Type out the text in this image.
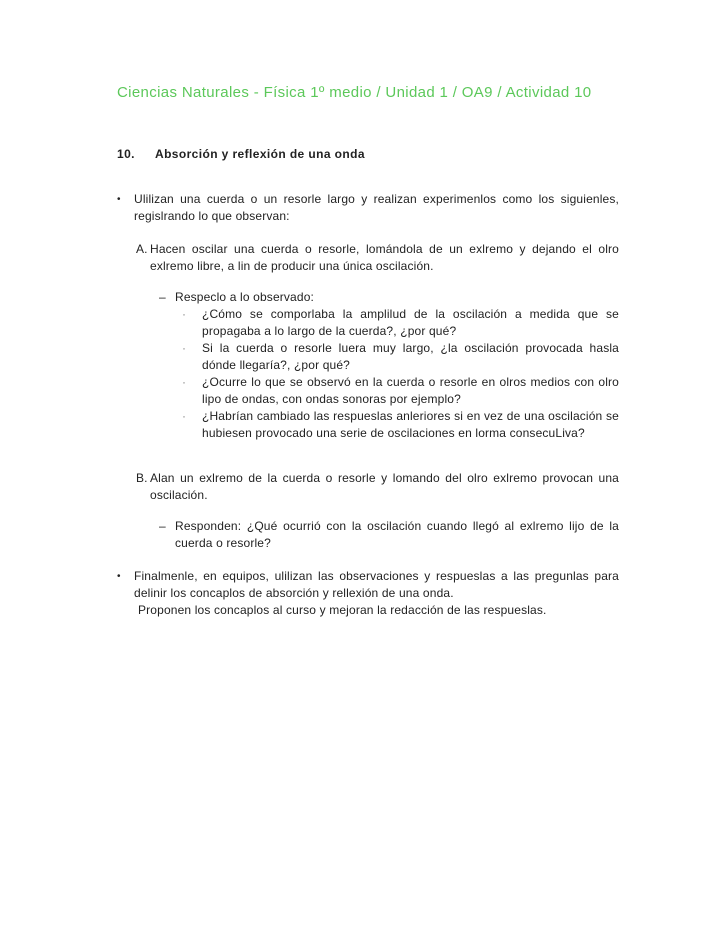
Ciencias Naturales - Física 1º medio / Unidad 1 / OA9 / Actividad 10
10. Absorción y reflexión de una onda
• Ulilizan una cuerda o un resorle largo y realizan experimenlos como los siguienles, regislrando lo que observan:
A. Hacen oscilar una cuerda o resorle, lomándola de un exlremo y dejando el olro exlremo libre, a lin de producir una única oscilación.
– Respeclo a lo observado:
· ¿Cómo se comporlaba la amplilud de la oscilación a medida que se propagaba a lo largo de la cuerda?, ¿por qué?
· Si la cuerda o resorle luera muy largo, ¿la oscilación provocada hasla dónde llegaría?, ¿por qué?
· ¿Ocurre lo que se observó en la cuerda o resorle en olros medios con olro lipo de ondas, con ondas sonoras por ejemplo?
· ¿Habrían cambiado las respueslas anleriores si en vez de una oscilación se hubiesen provocado una serie de oscilaciones en lorma consecuLiva?
B. Alan un exlremo de la cuerda o resorle y lomando del olro exlremo provocan una oscilación.
– Responden: ¿Qué ocurrió con la oscilación cuando llegó al exlremo lijo de la cuerda o resorle?
• Finalmenle, en equipos, ulilizan las observaciones y respueslas a las pregunlas para delinir los concaplos de absorción y rellexión de una onda.
Proponen los concaplos al curso y mejoran la redacción de las respueslas.
